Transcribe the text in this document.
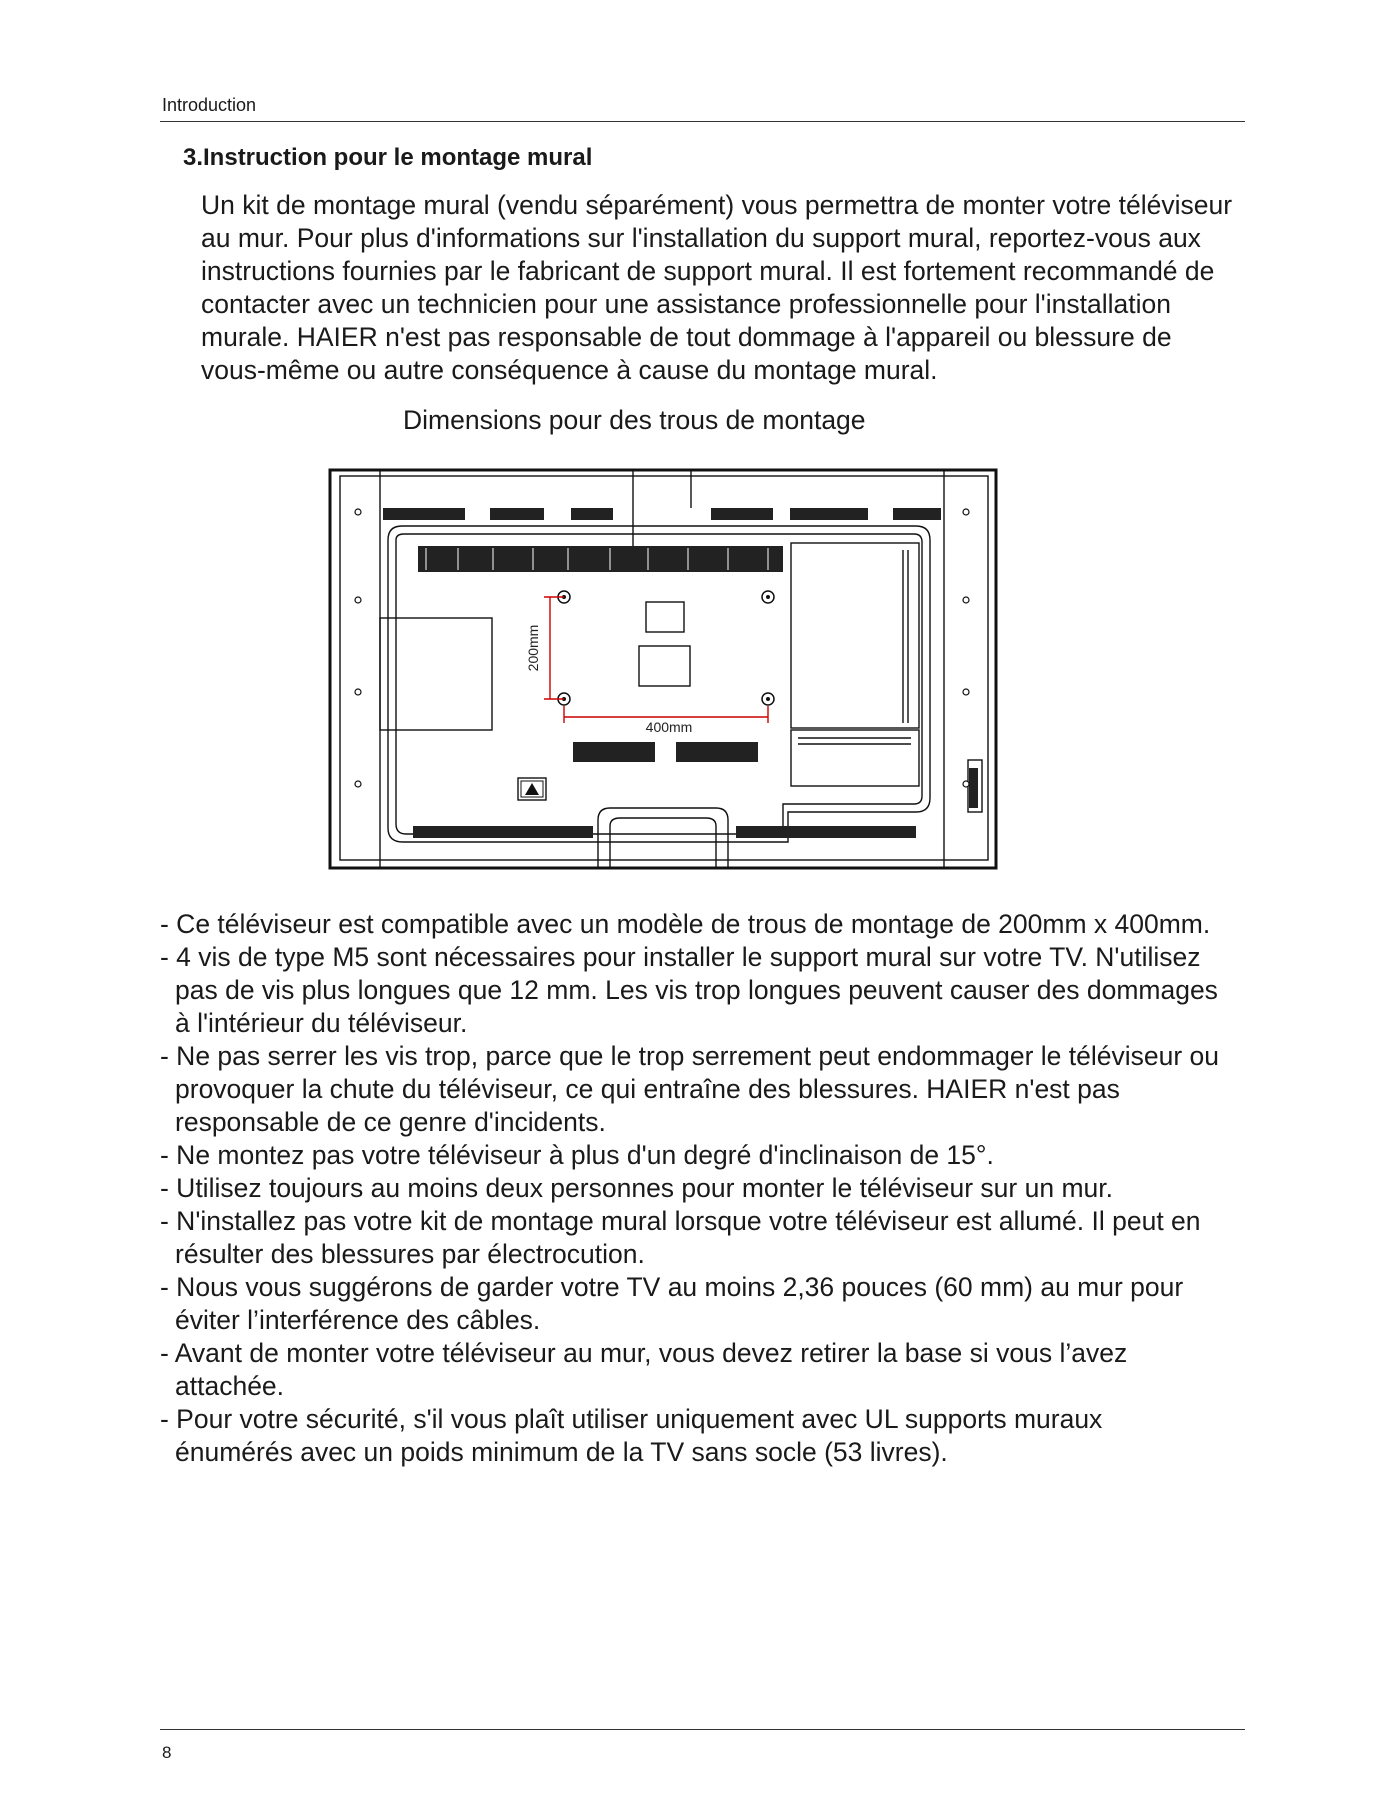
Introduction
3.Instruction pour le montage mural

Un kit de montage mural (vendu séparément) vous permettra de monter votre téléviseur
au mur. Pour plus d'informations sur l'installation du support mural, reportez-vous aux
instructions fournies par le fabricant de support mural. Il est fortement recommandé de
contacter avec un technicien pour une assistance professionnelle pour l'installation
murale. HAIER n'est pas responsable de tout dommage à l'appareil ou blessure de
vous-même ou autre conséquence à cause du montage mural.

Dimensions pour des trous de montage
200mm
400mm
- Ce téléviseur est compatible avec un modèle de trous de montage de 200mm x 400mm.
- 4 vis de type M5 sont nécessaires pour installer le support mural sur votre TV. N'utilisez
pas de vis plus longues que 12 mm. Les vis trop longues peuvent causer des dommages
à l'intérieur du téléviseur.
- Ne pas serrer les vis trop, parce que le trop serrement peut endommager le téléviseur ou
provoquer la chute du téléviseur, ce qui entraîne des blessures. HAIER n'est pas
responsable de ce genre d'incidents.
- Ne montez pas votre téléviseur à plus d'un degré d'inclinaison de 15°.
- Utilisez toujours au moins deux personnes pour monter le téléviseur sur un mur.
- N'installez pas votre kit de montage mural lorsque votre téléviseur est allumé. Il peut en
résulter des blessures par électrocution.
- Nous vous suggérons de garder votre TV au moins 2,36 pouces (60 mm) au mur pour
éviter l’interférence des câbles.
- Avant de monter votre téléviseur au mur, vous devez retirer la base si vous l’avez
attachée.
- Pour votre sécurité, s'il vous plaît utiliser uniquement avec UL supports muraux
énumérés avec un poids minimum de la TV sans socle (53 livres).
8
